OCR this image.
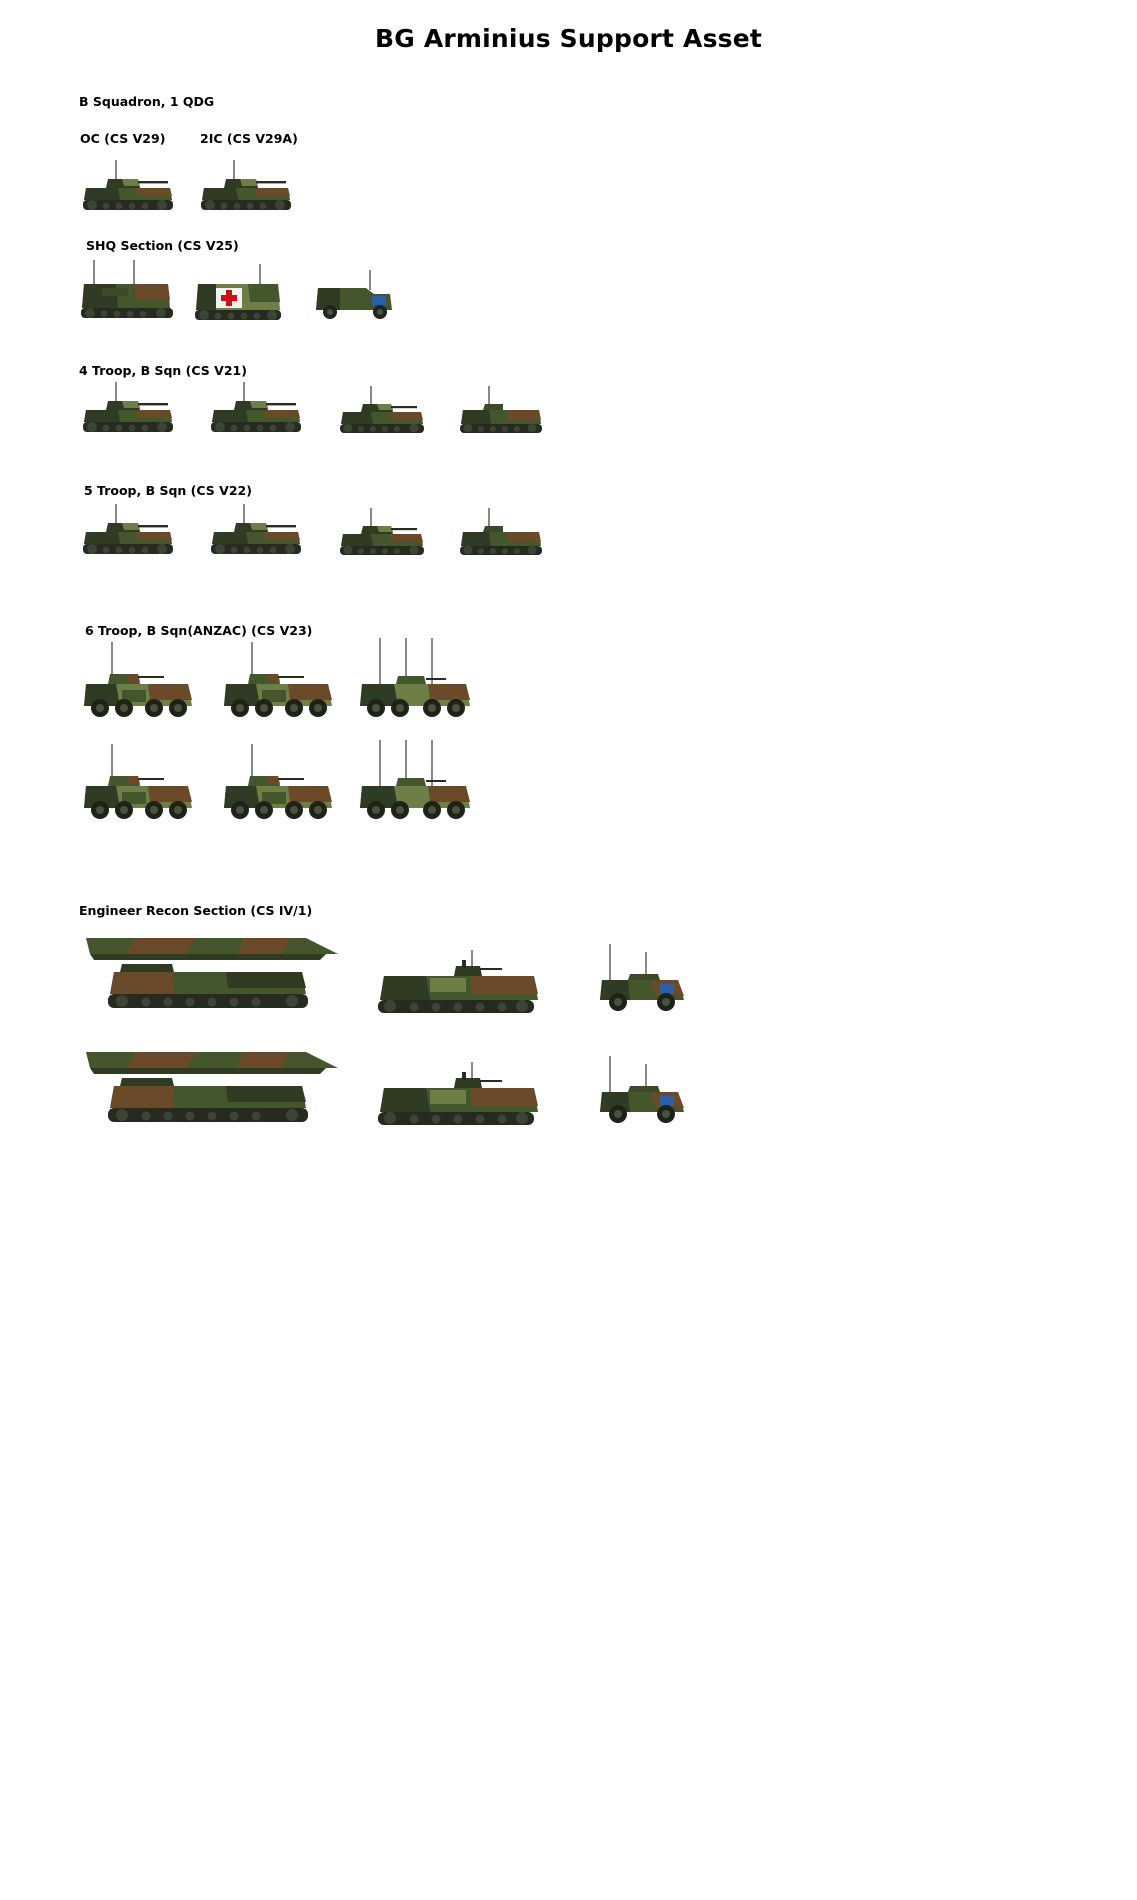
BG Arminius Support Asset
B Squadron, 1 QDG
OC (CS V29)	2IC (CS V29A)
SHQ Section (CS V25)
4 Troop, B Sqn (CS V21)
5 Troop, B Sqn (CS V22)
6 Troop, B Sqn(ANZAC) (CS V23)
Engineer Recon Section (CS IV/1)
